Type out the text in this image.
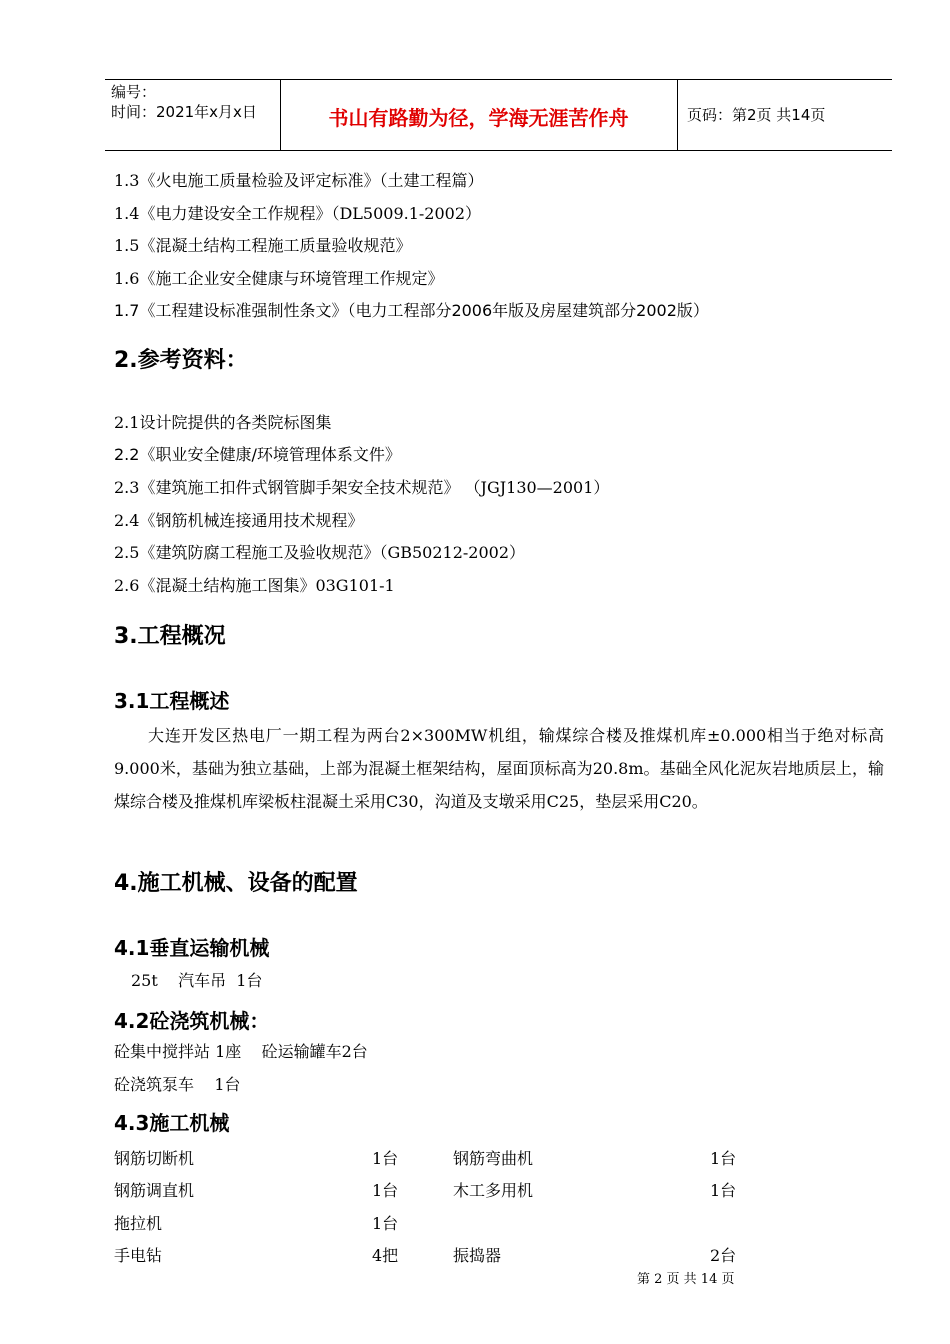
编号：
时间：2021年x月x日	书山有路勤为径，学海无涯苦作舟	页码：第2页 共14页
1.3《火电施工质量检验及评定标准》（土建工程篇）
1.4《电力建设安全工作规程》（DL5009.1-2002）
1.5《混凝土结构工程施工质量验收规范》
1.6《施工企业安全健康与环境管理工作规定》
1.7《工程建设标准强制性条文》（电力工程部分2006年版及房屋建筑部分2002版）
2.参考资料：
2.1设计院提供的各类院标图集
2.2《职业安全健康/环境管理体系文件》
2.3《建筑施工扣件式钢管脚手架安全技术规范》 （JGJ130—2001）
2.4《钢筋机械连接通用技术规程》
2.5《建筑防腐工程施工及验收规范》（GB50212-2002）
2.6《混凝土结构施工图集》03G101-1
3.工程概况
3.1工程概述
大连开发区热电厂一期工程为两台2×300MW机组，输煤综合楼及推煤机库±0.000相当于绝对标高9.000米，基础为独立基础，上部为混凝土框架结构，屋面顶标高为20.8m。基础全风化泥灰岩地质层上，输煤综合楼及推煤机库梁板柱混凝土采用C30，沟道及支墩采用C25，垫层采用C20。
4.施工机械、设备的配置
4.1垂直运输机械
25t    汽车吊  1台
4.2砼浇筑机械：
砼集中搅拌站 1座    砼运输罐车2台
砼浇筑泵车    1台
4.3施工机械
钢筋切断机	1台	钢筋弯曲机	1台
钢筋调直机	1台	木工多用机	1台
拖拉机	1台
手电钻	4把	振捣器	2台
第 2 页 共 14 页
